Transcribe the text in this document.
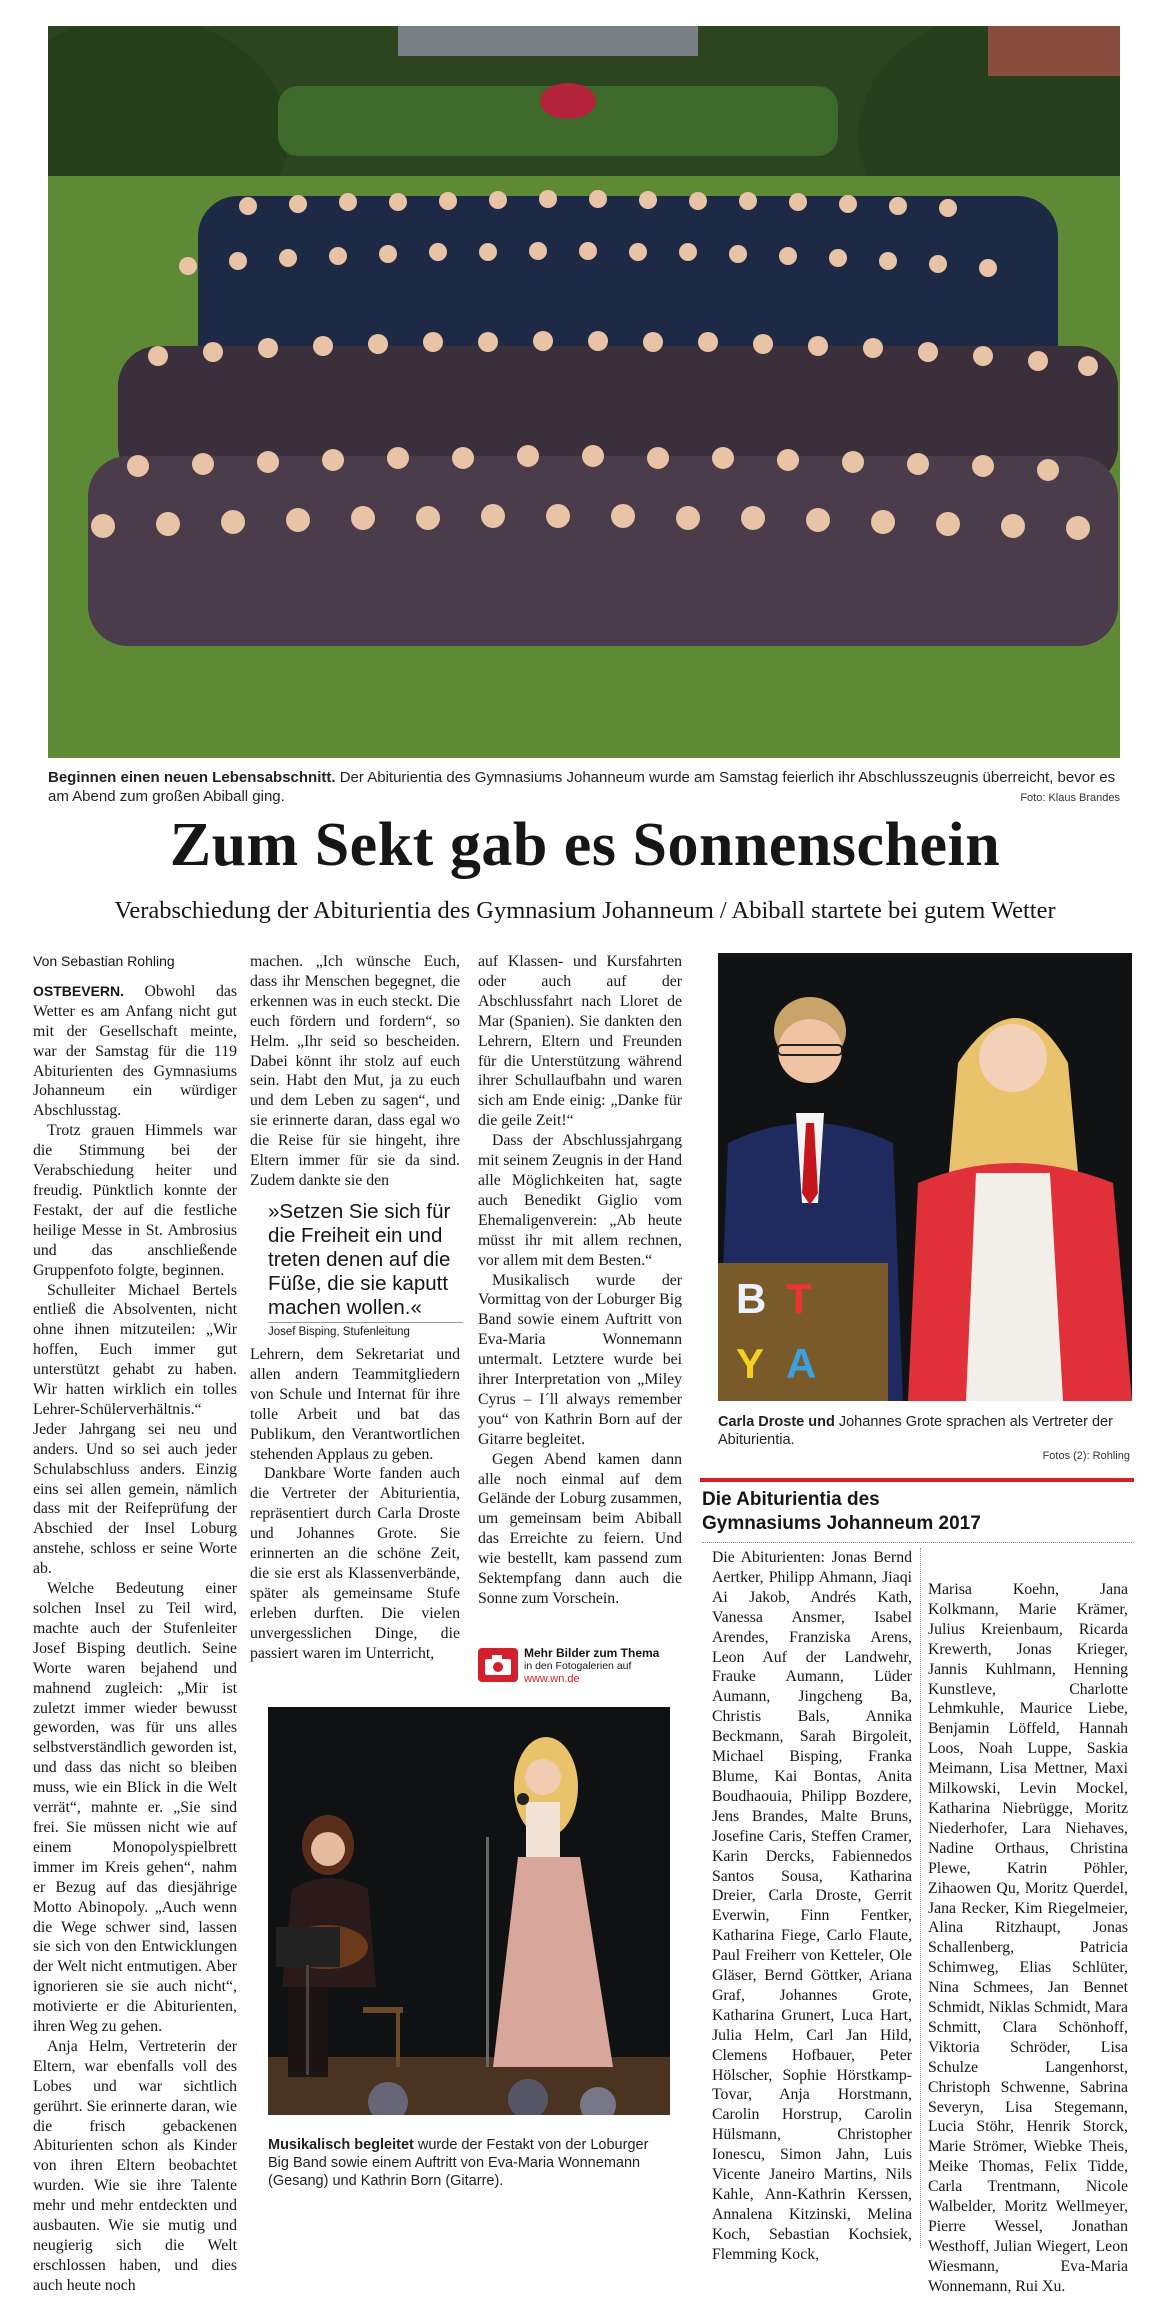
Beginnen einen neuen Lebensabschnitt. Der Abiturientia des Gymnasiums Johanneum wurde am Samstag feierlich ihr Abschlusszeugnis überreicht, bevor es am Abend zum großen Abiball ging.	Foto: Klaus Brandes
Zum Sekt gab es Sonnenschein
Verabschiedung der Abiturientia des Gymnasium Johanneum / Abiball startete bei gutem Wetter
Von Sebastian Rohling

OSTBEVERN. Obwohl das Wetter es am Anfang nicht gut mit der Gesellschaft meinte, war der Samstag für die 119 Abiturienten des Gymnasiums Johanneum ein würdiger Abschlusstag.

Trotz grauen Himmels war die Stimmung bei der Verabschiedung heiter und freudig. Pünktlich konnte der Festakt, der auf die festliche heilige Messe in St. Ambrosius und das anschließende Gruppenfoto folgte, beginnen.

Schulleiter Michael Bertels entließ die Absolventen, nicht ohne ihnen mitzuteilen: „Wir hoffen, Euch immer gut unterstützt gehabt zu haben. Wir hatten wirklich ein tolles Lehrer-Schülerverhältnis.“ Jeder Jahrgang sei neu und anders. Und so sei auch jeder Schulabschluss anders. Einzig eins sei allen gemein, nämlich dass mit der Reifeprüfung der Abschied der Insel Loburg anstehe, schloss er seine Worte ab.

Welche Bedeutung einer solchen Insel zu Teil wird, machte auch der Stufenleiter Josef Bisping deutlich. Seine Worte waren bejahend und mahnend zugleich: „Mir ist zuletzt immer wieder bewusst geworden, was für uns alles selbstverständlich geworden ist, und dass das nicht so bleiben muss, wie ein Blick in die Welt verrät“, mahnte er. „Sie sind frei. Sie müssen nicht wie auf einem Monopolyspielbrett immer im Kreis gehen“, nahm er Bezug auf das diesjährige Motto Abinopoly. „Auch wenn die Wege schwer sind, lassen sie sich von den Entwicklungen der Welt nicht entmutigen. Aber ignorieren sie sie auch nicht“, motivierte er die Abiturienten, ihren Weg zu gehen.

Anja Helm, Vertreterin der Eltern, war ebenfalls voll des Lobes und war sichtlich gerührt. Sie erinnerte daran, wie die frisch gebackenen Abiturienten schon als Kinder von ihren Eltern beobachtet wurden. Wie sie ihre Talente mehr und mehr entdeckten und ausbauten. Wie sie mutig und neugierig sich die Welt erschlossen haben, und dies auch heute noch

machen. „Ich wünsche Euch, dass ihr Menschen begegnet, die erkennen was in euch steckt. Die euch fördern und fordern“, so Helm. „Ihr seid so bescheiden. Dabei könnt ihr stolz auf euch sein. Habt den Mut, ja zu euch und dem Leben zu sagen“, und sie erinnerte daran, dass egal wo die Reise für sie hingeht, ihre Eltern immer für sie da sind. Zudem dankte sie den

»Setzen Sie sich für die Freiheit ein und treten denen auf die Füße, die sie kaputt machen wollen.«
Josef Bisping, Stufenleitung

Lehrern, dem Sekretariat und allen andern Teammitgliedern von Schule und Internat für ihre tolle Arbeit und bat das Publikum, den Verantwortlichen stehenden Applaus zu geben.

Dankbare Worte fanden auch die Vertreter der Abiturientia, repräsentiert durch Carla Droste und Johannes Grote. Sie erinnerten an die schöne Zeit, die sie erst als Klassenverbände, später als gemeinsame Stufe erleben durften. Die vielen unvergesslichen Dinge, die passiert waren im Unterricht,

auf Klassen- und Kursfahrten oder auch auf der Abschlussfahrt nach Lloret de Mar (Spanien). Sie dankten den Lehrern, Eltern und Freunden für die Unterstützung während ihrer Schullaufbahn und waren sich am Ende einig: „Danke für die geile Zeit!“

Dass der Abschlussjahrgang mit seinem Zeugnis in der Hand alle Möglichkeiten hat, sagte auch Benedikt Giglio vom Ehemaligenverein: „Ab heute müsst ihr mit allem rechnen, vor allem mit dem Besten.“

Musikalisch wurde der Vormittag von der Loburger Big Band sowie einem Auftritt von Eva-Maria Wonnemann untermalt. Letztere wurde bei ihrer Interpretation von „Miley Cyrus – I´ll always remember you“ von Kathrin Born auf der Gitarre begleitet.

Gegen Abend kamen dann alle noch einmal auf dem Gelände der Loburg zusammen, um gemeinsam beim Abiball das Erreichte zu feiern. Und wie bestellt, kam passend zum Sektempfang dann auch die Sonne zum Vorschein.

Mehr Bilder zum Thema
in den Fotogalerien auf
www.wn.de
Musikalisch begleitet wurde der Festakt von der Loburger Big Band sowie einem Auftritt von Eva-Maria Wonnemann (Gesang) und Kathrin Born (Gitarre).
B T
Y A
Carla Droste und Johannes Grote sprachen als Vertreter der Abiturientia.
Fotos (2): Rohling
Die Abiturientia des
Gymnasiums Johanneum 2017
Die Abiturienten: Jonas Bernd Aertker, Philipp Ahmann, Jiaqi Ai Jakob, Andrés Kath, Vanessa Ansmer, Isabel Arendes, Franziska Arens, Leon Auf der Landwehr, Frauke Aumann, Lüder Aumann, Jingcheng Ba, Christis Bals, Annika Beckmann, Sarah Birgoleit, Michael Bisping, Franka Blume, Kai Bontas, Anita Boudhaouia, Philipp Bozdere, Jens Brandes, Malte Bruns, Josefine Caris, Steffen Cramer, Karin Dercks, Fabiennedos Santos Sousa, Katharina Dreier, Carla Droste, Gerrit Everwin, Finn Fentker, Katharina Fiege, Carlo Flaute, Paul Freiherr von Ketteler, Ole Gläser, Bernd Göttker, Ariana Graf, Johannes Grote, Katharina Grunert, Luca Hart, Julia Helm, Carl Jan Hild, Clemens Hofbauer, Peter Hölscher, Sophie Hörstkamp-Tovar, Anja Horstmann, Carolin Horstrup, Carolin Hülsmann, Christopher Ionescu, Simon Jahn, Luis Vicente Janeiro Martins, Nils Kahle, Ann-Kathrin Kerssen, Annalena Kitzinski, Melina Koch, Sebastian Kochsiek, Flemming Kock,
Marisa Koehn, Jana Kolkmann, Marie Krämer, Julius Kreienbaum, Ricarda Krewerth, Jonas Krieger, Jannis Kuhlmann, Henning Kunstleve, Charlotte Lehmkuhle, Maurice Liebe, Benjamin Löffeld, Hannah Loos, Noah Luppe, Saskia Meimann, Lisa Mettner, Maxi Milkowski, Levin Mockel, Katharina Niebrügge, Moritz Niederhofer, Lara Niehaves, Nadine Orthaus, Christina Plewe, Katrin Pöhler, Zihaowen Qu, Moritz Querdel, Jana Recker, Kim Riegelmeier, Alina Ritzhaupt, Jonas Schallenberg, Patricia Schimweg, Elias Schlüter, Nina Schmees, Jan Bennet Schmidt, Niklas Schmidt, Mara Schmitt, Clara Schönhoff, Viktoria Schröder, Lisa Schulze Langenhorst, Christoph Schwenne, Sabrina Severyn, Lisa Stegemann, Lucia Stöhr, Henrik Storck, Marie Strömer, Wiebke Theis, Meike Thomas, Felix Tidde, Carla Trentmann, Nicole Walbelder, Moritz Wellmeyer, Pierre Wessel, Jonathan Westhoff, Julian Wiegert, Leon Wiesmann, Eva-Maria Wonnemann, Rui Xu.
